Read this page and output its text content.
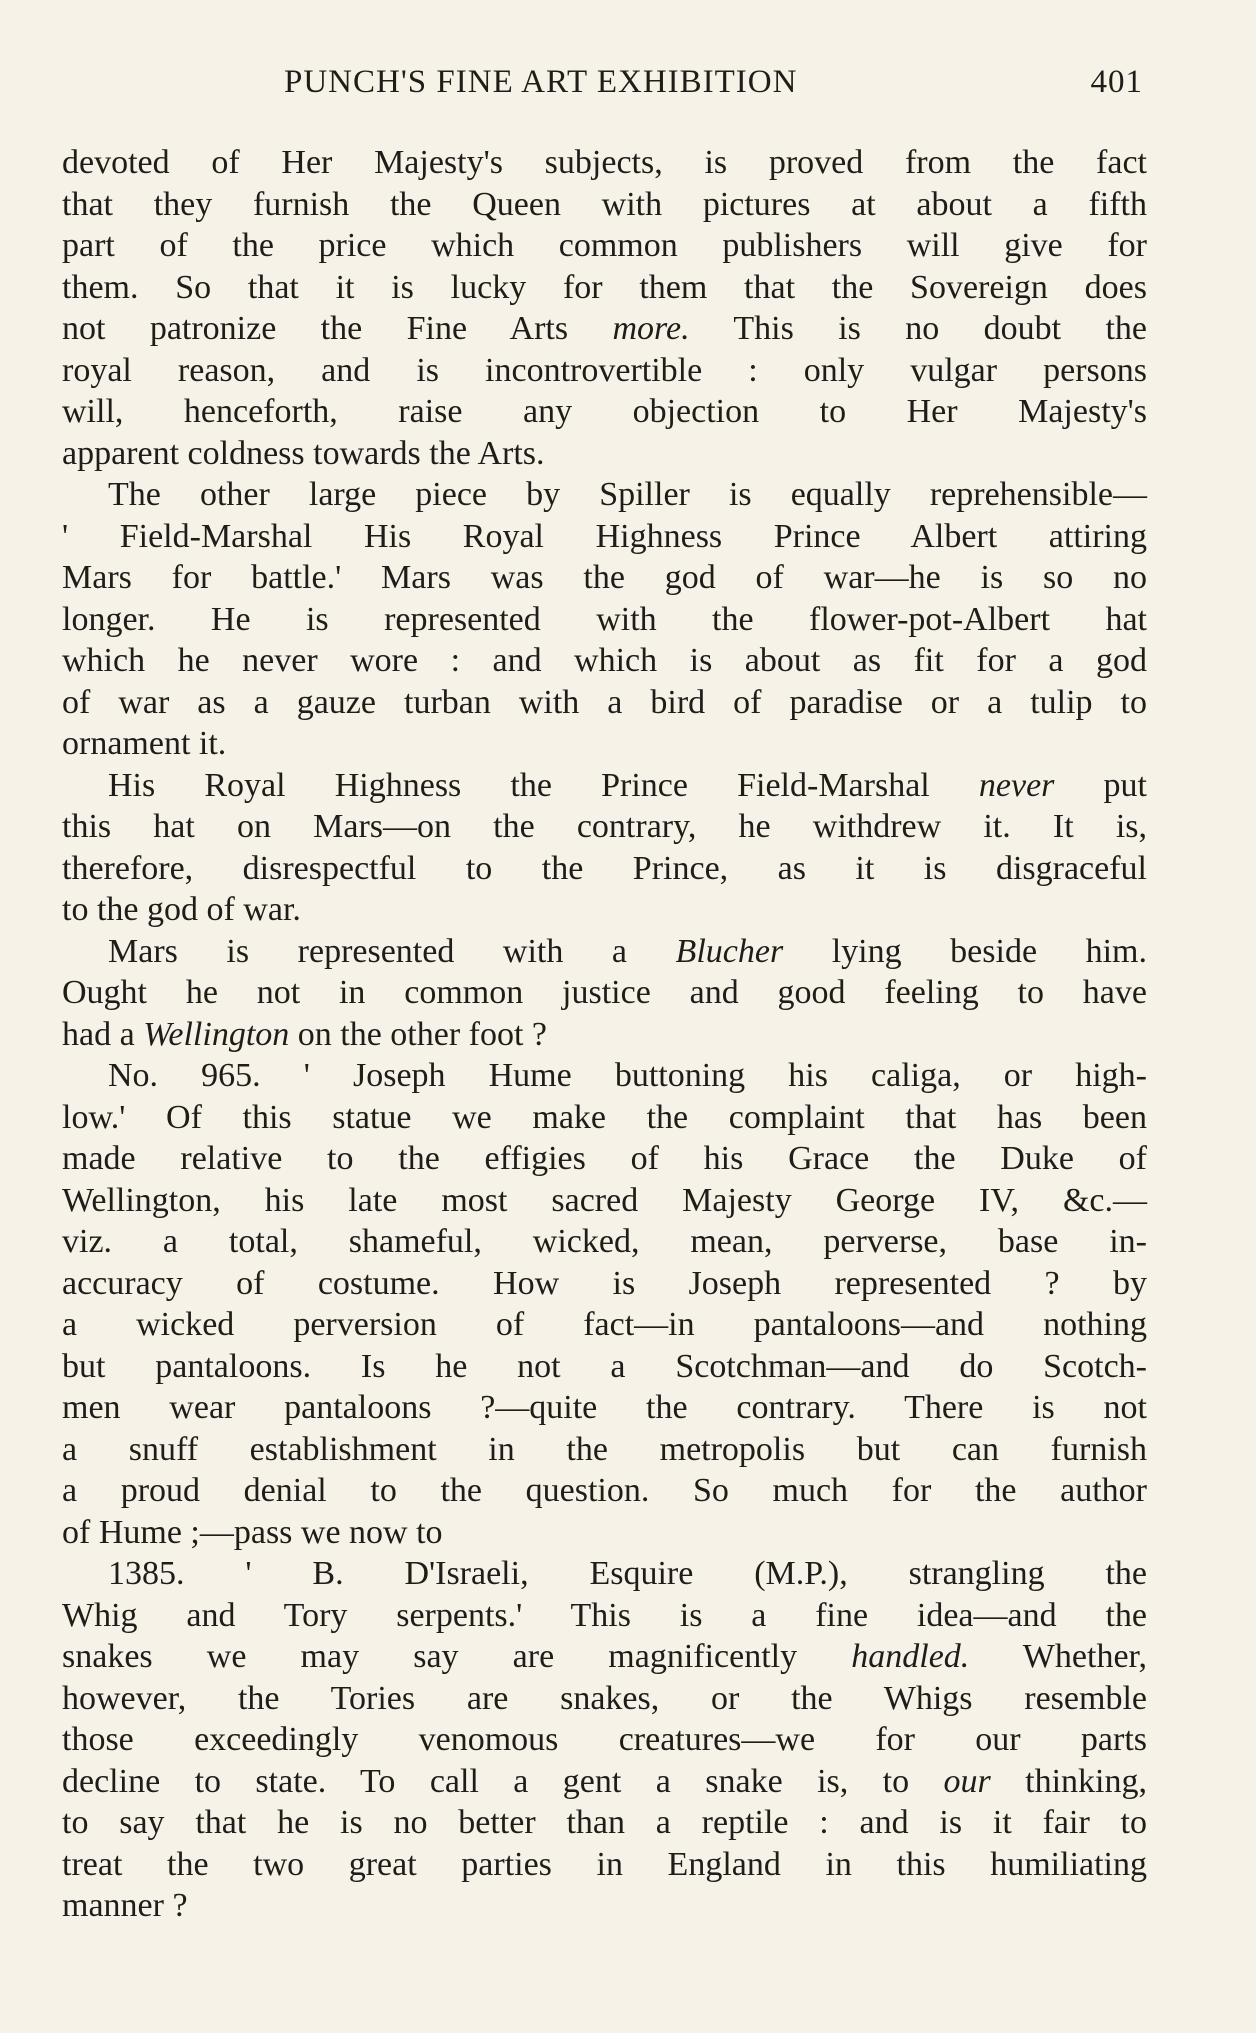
PUNCH'S FINE ART EXHIBITION	401
devoted of Her Majesty's subjects, is proved from the fact
that they furnish the Queen with pictures at about a fifth
part of the price which common publishers will give for
them. So that it is lucky for them that the Sovereign does
not patronize the Fine Arts more. This is no doubt the
royal reason, and is incontrovertible : only vulgar persons
will, henceforth, raise any objection to Her Majesty's
apparent coldness towards the Arts.
The other large piece by Spiller is equally reprehensible—
' Field-Marshal His Royal Highness Prince Albert attiring
Mars for battle.' Mars was the god of war—he is so no
longer. He is represented with the flower-pot-Albert hat
which he never wore : and which is about as fit for a god
of war as a gauze turban with a bird of paradise or a tulip to
ornament it.
His Royal Highness the Prince Field-Marshal never put
this hat on Mars—on the contrary, he withdrew it. It is,
therefore, disrespectful to the Prince, as it is disgraceful
to the god of war.
Mars is represented with a Blucher lying beside him.
Ought he not in common justice and good feeling to have
had a Wellington on the other foot ?
No. 965. ' Joseph Hume buttoning his caliga, or high-
low.' Of this statue we make the complaint that has been
made relative to the effigies of his Grace the Duke of
Wellington, his late most sacred Majesty George IV, &c.—
viz. a total, shameful, wicked, mean, perverse, base in-
accuracy of costume. How is Joseph represented ? by
a wicked perversion of fact—in pantaloons—and nothing
but pantaloons. Is he not a Scotchman—and do Scotch-
men wear pantaloons ?—quite the contrary. There is not
a snuff establishment in the metropolis but can furnish
a proud denial to the question. So much for the author
of Hume ;—pass we now to
1385. ' B. D'Israeli, Esquire (M.P.), strangling the
Whig and Tory serpents.' This is a fine idea—and the
snakes we may say are magnificently handled. Whether,
however, the Tories are snakes, or the Whigs resemble
those exceedingly venomous creatures—we for our parts
decline to state. To call a gent a snake is, to our thinking,
to say that he is no better than a reptile : and is it fair to
treat the two great parties in England in this humiliating
manner ?
